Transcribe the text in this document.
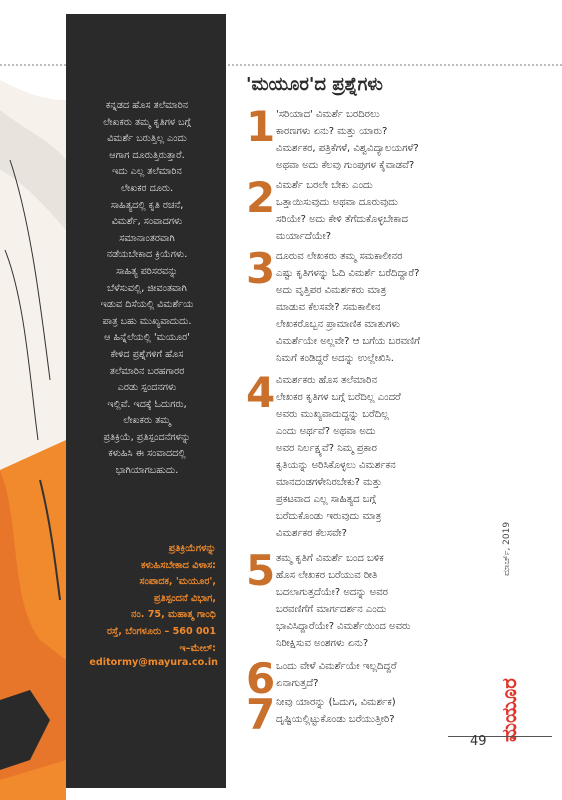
ಕನ್ನಡದ ಹೊಸ ತಲೆಮಾರಿನ
ಲೇಖಕರು ತಮ್ಮ ಕೃತಿಗಳ ಬಗ್ಗೆ
ವಿಮರ್ಶೆ ಬರುತ್ತಿಲ್ಲ ಎಂದು
ಆಗಾಗ ದೂರುತ್ತಿರುತ್ತಾರೆ.
ಇದು ಎಲ್ಲ ತಲೆಮಾರಿನ
ಲೇಖಕರ ದೂರು.
ಸಾಹಿತ್ಯದಲ್ಲಿ ಕೃತಿ ರಚನೆ,
ವಿಮರ್ಶೆ, ಸಂವಾದಗಳು
ಸಮಾನಾಂತರವಾಗಿ
ನಡೆಯಬೇಕಾದ ಕ್ರಿಯೆಗಳು.
ಸಾಹಿತ್ಯ ಪರಿಸರವನ್ನು
ಬೆಳೆಸುವಲ್ಲಿ, ಜೀವಂತವಾಗಿ
ಇಡುವ ದಿಸೆಯಲ್ಲಿ ವಿಮರ್ಶೆಯ
ಪಾತ್ರ ಬಹು ಮುಖ್ಯವಾದುದು.
ಆ ಹಿನ್ನೆಲೆಯಲ್ಲಿ 'ಮಯೂರ'
ಕೇಳಿದ ಪ್ರಶ್ನೆಗಳಿಗೆ ಹೊಸ
ತಲೆಮಾರಿನ ಬರಹಗಾರರ
ಎರಡು ಸ್ಪಂದನಗಳು
ಇಲ್ಲಿವೆ. ಇದಕ್ಕೆ ಓದುಗರು,
ಲೇಖಕರು ತಮ್ಮ
ಪ್ರತಿಕ್ರಿಯೆ, ಪ್ರತಿಸ್ಪಂದನೆಗಳನ್ನು
ಕಳುಹಿಸಿ ಈ ಸಂವಾದದಲ್ಲಿ
ಭಾಗಿಯಾಗಬಹುದು.

ಪ್ರತಿಕ್ರಿಯೆಗಳನ್ನು
ಕಳುಹಿಸಬೇಕಾದ ವಿಳಾಸ:
ಸಂಪಾದಕ, 'ಮಯೂರ',
ಪ್ರತಿಸ್ಪಂದನೆ ವಿಭಾಗ,
ನಂ. 75, ಮಹಾತ್ಮ ಗಾಂಧಿ
ರಸ್ತೆ, ಬೆಂಗಳೂರು – 560 001
ಇ–ಮೇಲ್:

editormy@mayura.co.in

'ಮಯೂರ'ದ ಪ್ರಶ್ನೆಗಳು
1 'ಸರಿಯಾದ' ವಿಮರ್ಶೆ ಬರದಿರಲು
ಕಾರಣಗಳು ಏನು? ಮತ್ತು ಯಾರು?
ವಿಮರ್ಶಕರ, ಪತ್ರಿಕೆಗಳೆ, ವಿಶ್ವವಿದ್ಯಾಲಯಗಳೆ?
ಅಥವಾ ಅದು ಕೆಲವು ಗುಂಪುಗಳ ಕೈವಾಡವೆ?

2 ವಿಮರ್ಶೆ ಬರಲೇ ಬೇಕು ಎಂದು
ಒತ್ತಾಯಿಸುವುದು ಅಥವಾ ದೂರುವುದು
ಸರಿಯೇ? ಅದು ಕೇಳಿ ತೆಗೆದುಕೊಳ್ಳಬೇಕಾದ
ಮರ್ಯಾದೆಯೇ?

3 ದೂರುವ ಲೇಖಕರು ತಮ್ಮ ಸಮಕಾಲೀನರ
ಎಷ್ಟು ಕೃತಿಗಳನ್ನು ಓದಿ ವಿಮರ್ಶೆ ಬರೆದಿದ್ದಾರೆ?
ಅದು ವೃತ್ತಿಪರ ವಿಮರ್ಶಕರು ಮಾತ್ರ
ಮಾಡುವ ಕೆಲಸವೇ? ಸಮಕಾಲೀನ
ಲೇಖಕರೊಬ್ಬನ ಪ್ರಾಮಾಣಿಕ ಮಾತುಗಳು
ವಿಮರ್ಶೆಯೇ ಅಲ್ಲವೇ? ಆ ಬಗೆಯ ಬರವಣಿಗೆ
ನಿಮಗೆ ಕಂಡಿದ್ದರೆ ಅದನ್ನು ಉಲ್ಲೇಖಿಸಿ.

4 ವಿಮರ್ಶಕರು ಹೊಸ ತಲೆಮಾರಿನ
ಲೇಖಕರ ಕೃತಿಗಳ ಬಗ್ಗೆ ಬರೆದಿಲ್ಲ ಎಂದರೆ
ಅವರು ಮುಖ್ಯವಾದುದ್ದನ್ನು ಬರೆದಿಲ್ಲ
ಎಂದು ಅರ್ಥವೆ? ಅಥವಾ ಅದು
ಅವರ ನಿರ್ಲಕ್ಷ್ಯವೆ? ನಿಮ್ಮ ಪ್ರಕಾರ
ಕೃತಿಯನ್ನು ಅರಿಸಿಕೊಳ್ಳಲು ವಿಮರ್ಶಕನ
ಮಾನದಂಡಗಳೇನಿರಬೇಕು? ಮತ್ತು
ಪ್ರಕಟವಾದ ಎಲ್ಲ ಸಾಹಿತ್ಯದ ಬಗ್ಗೆ
ಬರೆದುಕೊಂಡು ಇರುವುದು ಮಾತ್ರ
ವಿಮರ್ಶಕರ ಕೆಲಸವೇ?

5 ತಮ್ಮ ಕೃತಿಗೆ ವಿಮರ್ಶೆ ಬಂದ ಬಳಿಕ
ಹೊಸ ಲೇಖಕರ ಬರೆಯುವ ರೀತಿ
ಬದಲಾಗುತ್ತದೆಯೇ? ಅದನ್ನು ಅವರ
ಬರವಣಿಗೆಗೆ ಮಾರ್ಗದರ್ಶನ ಎಂದು
ಭಾವಿಸಿದ್ದಾರೆಯೇ? ವಿಮರ್ಶೆಯಿಂದ ಅವರು
ನಿರೀಕ್ಷಿಸುವ ಅಂಶಗಳು ಏನು?

6 ಒಂದು ವೇಳೆ ವಿಮರ್ಶೆಯೇ ಇಲ್ಲದಿದ್ದರೆ
ಏನಾಗುತ್ತದೆ?

7 ನೀವು ಯಾರನ್ನು (ಓದುಗ, ವಿಮರ್ಶಕ)
ದೃಷ್ಟಿಯಲ್ಲಿಟ್ಟುಕೊಂಡು ಬರೆಯುತ್ತೀರಿ?	ಮಯೂರ
ಮಾರ್ಚ್, 2019
49
